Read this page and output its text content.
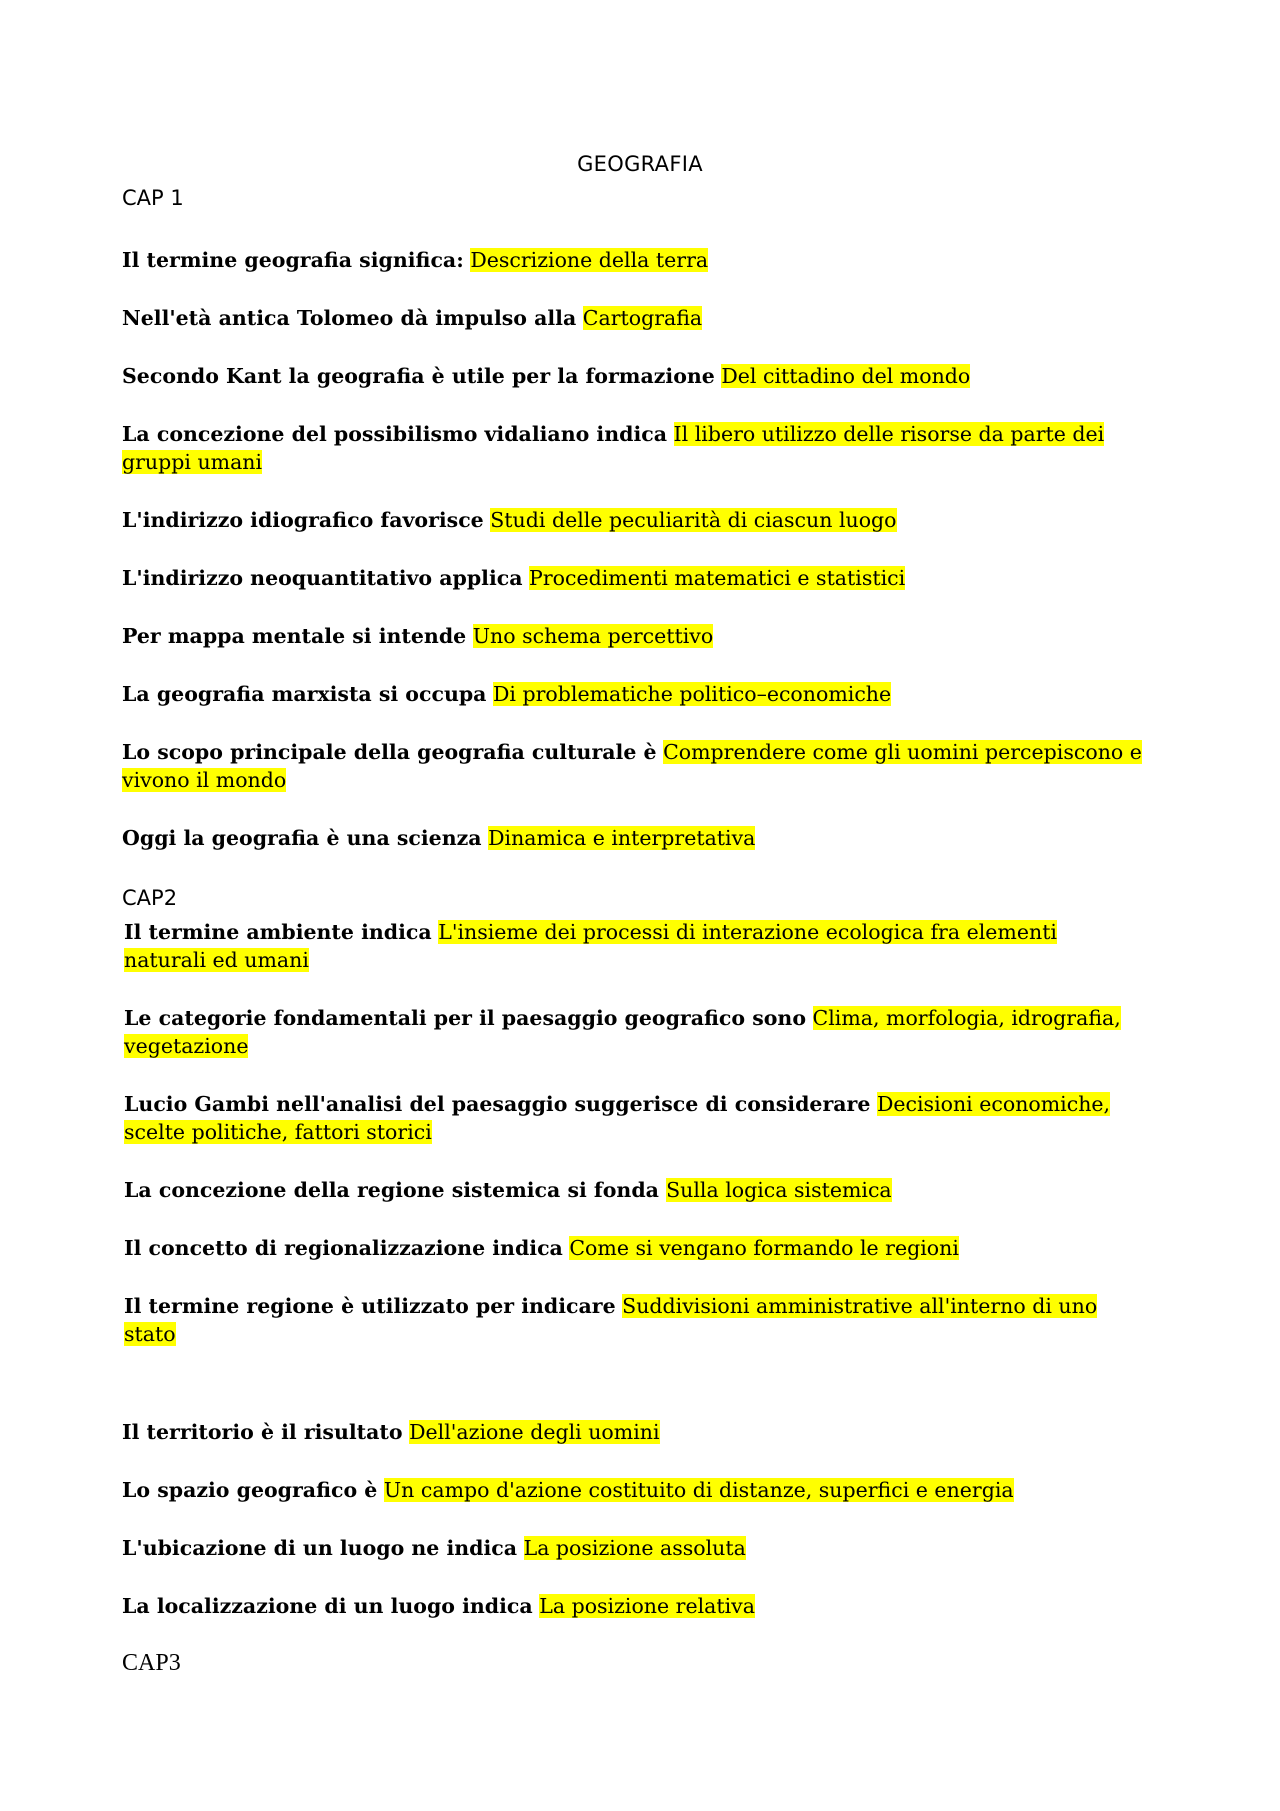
GEOGRAFIA
CAP 1

Il termine geografia significa: Descrizione della terra

Nell'età antica Tolomeo dà impulso alla Cartografia

Secondo Kant la geografia è utile per la formazione Del cittadino del mondo

La concezione del possibilismo vidaliano indica Il libero utilizzo delle risorse da parte dei gruppi umani

L'indirizzo idiografico favorisce Studi delle peculiarità di ciascun luogo

L'indirizzo neoquantitativo applica Procedimenti matematici e statistici

Per mappa mentale si intende Uno schema percettivo

La geografia marxista si occupa Di problematiche politico–economiche

Lo scopo principale della geografia culturale è Comprendere come gli uomini percepiscono e vivono il mondo

Oggi la geografia è una scienza Dinamica e interpretativa

CAP2

Il termine ambiente indica L'insieme dei processi di interazione ecologica fra elementi naturali ed umani

Le categorie fondamentali per il paesaggio geografico sono Clima, morfologia, idrografia, vegetazione

Lucio Gambi nell'analisi del paesaggio suggerisce di considerare Decisioni economiche, scelte politiche, fattori storici

La concezione della regione sistemica si fonda Sulla logica sistemica

Il concetto di regionalizzazione indica Come si vengano formando le regioni

Il termine regione è utilizzato per indicare Suddivisioni amministrative all'interno di uno stato

Il territorio è il risultato Dell'azione degli uomini

Lo spazio geografico è Un campo d'azione costituito di distanze, superfici e energia

L'ubicazione di un luogo ne indica La posizione assoluta

La localizzazione di un luogo indica La posizione relativa

CAP3
